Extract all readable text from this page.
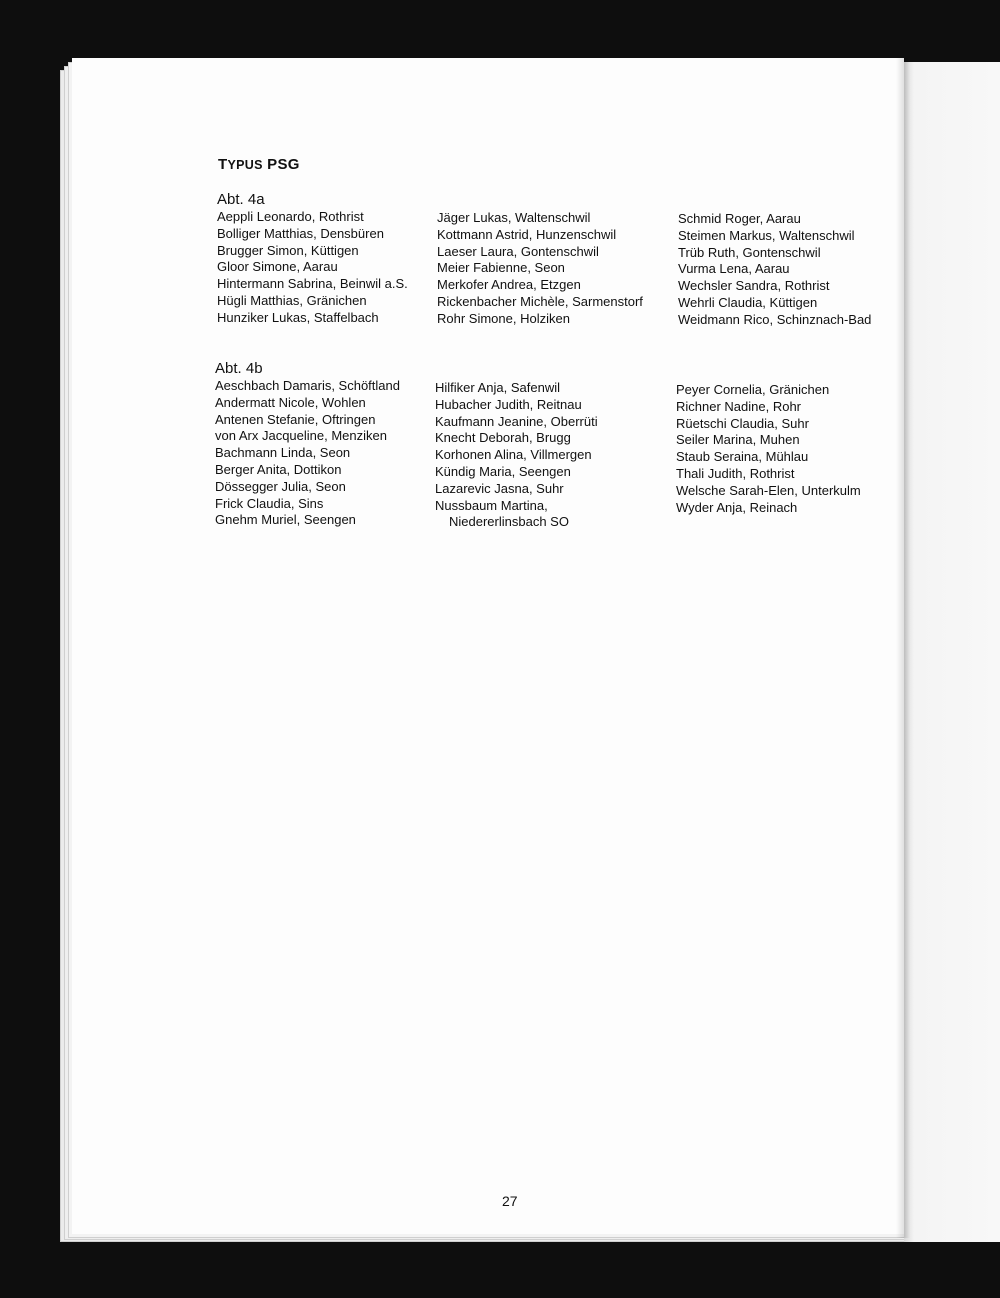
TYPUS PSG
Abt. 4a
Aeppli Leonardo, Rothrist
Bolliger Matthias, Densbüren
Brugger Simon, Küttigen
Gloor Simone, Aarau
Hintermann Sabrina, Beinwil a.S.
Hügli Matthias, Gränichen
Hunziker Lukas, Staffelbach
Jäger Lukas, Waltenschwil
Kottmann Astrid, Hunzenschwil
Laeser Laura, Gontenschwil
Meier Fabienne, Seon
Merkofer Andrea, Etzgen
Rickenbacher Michèle, Sarmenstorf
Rohr Simone, Holziken
Schmid Roger, Aarau
Steimen Markus, Waltenschwil
Trüb Ruth, Gontenschwil
Vurma Lena, Aarau
Wechsler Sandra, Rothrist
Wehrli Claudia, Küttigen
Weidmann Rico, Schinznach-Bad
Abt. 4b
Aeschbach Damaris, Schöftland
Andermatt Nicole, Wohlen
Antenen Stefanie, Oftringen
von Arx Jacqueline, Menziken
Bachmann Linda, Seon
Berger Anita, Dottikon
Dössegger Julia, Seon
Frick Claudia, Sins
Gnehm Muriel, Seengen
Hilfiker Anja, Safenwil
Hubacher Judith, Reitnau
Kaufmann Jeanine, Oberrüti
Knecht Deborah, Brugg
Korhonen Alina, Villmergen
Kündig Maria, Seengen
Lazarevic Jasna, Suhr
Nussbaum Martina,
Niedererlinsbach SO
Peyer Cornelia, Gränichen
Richner Nadine, Rohr
Rüetschi Claudia, Suhr
Seiler Marina, Muhen
Staub Seraina, Mühlau
Thali Judith, Rothrist
Welsche Sarah-Elen, Unterkulm
Wyder Anja, Reinach
27
